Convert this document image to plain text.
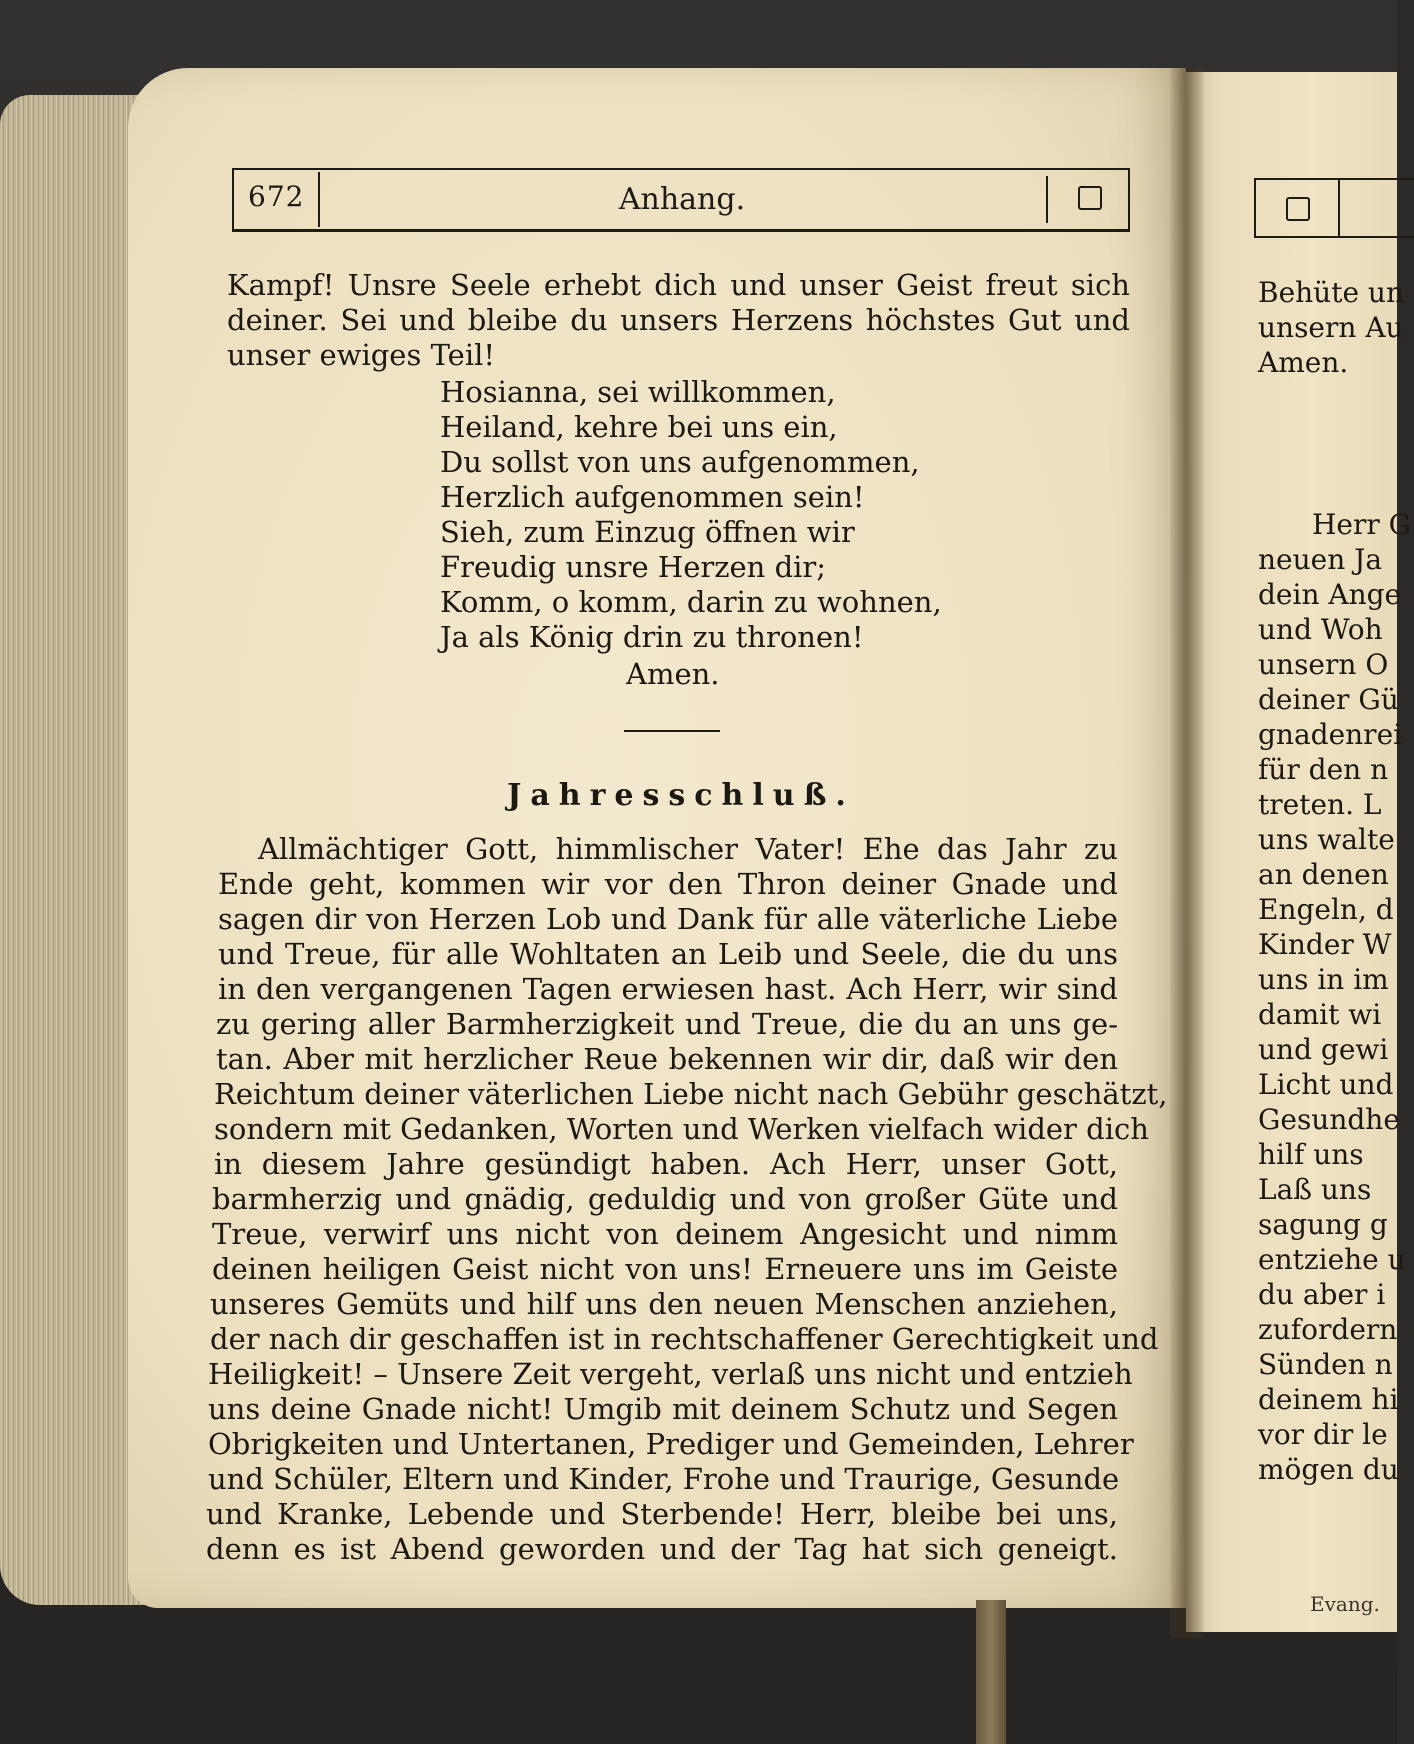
672	Anhang.
Kampf! Unsre Seele erhebt dich und unser Geist freut sich
deiner. Sei und bleibe du unsers Herzens höchstes Gut und
unser ewiges Teil!
Hosianna, sei willkommen,
Heiland, kehre bei uns ein,
Du sollst von uns aufgenommen,
Herzlich aufgenommen sein!
Sieh, zum Einzug öffnen wir
Freudig unsre Herzen dir;
Komm, o komm, darin zu wohnen,
Ja als König drin zu thronen!
Amen.
Jahresschluß.
Allmächtiger Gott, himmlischer Vater! Ehe das Jahr zu
Ende geht, kommen wir vor den Thron deiner Gnade und
sagen dir von Herzen Lob und Dank für alle väterliche Liebe
und Treue, für alle Wohltaten an Leib und Seele, die du uns
in den vergangenen Tagen erwiesen hast. Ach Herr, wir sind
zu gering aller Barmherzigkeit und Treue, die du an uns ge-
tan. Aber mit herzlicher Reue bekennen wir dir, daß wir den
Reichtum deiner väterlichen Liebe nicht nach Gebühr geschätzt,
sondern mit Gedanken, Worten und Werken vielfach wider dich
in diesem Jahre gesündigt haben. Ach Herr, unser Gott,
barmherzig und gnädig, geduldig und von großer Güte und
Treue, verwirf uns nicht von deinem Angesicht und nimm
deinen heiligen Geist nicht von uns! Erneuere uns im Geiste
unseres Gemüts und hilf uns den neuen Menschen anziehen,
der nach dir geschaffen ist in rechtschaffener Gerechtigkeit und
Heiligkeit! – Unsere Zeit vergeht, verlaß uns nicht und entzieh
uns deine Gnade nicht! Umgib mit deinem Schutz und Segen
Obrigkeiten und Untertanen, Prediger und Gemeinden, Lehrer
und Schüler, Eltern und Kinder, Frohe und Traurige, Gesunde
und Kranke, Lebende und Sterbende! Herr, bleibe bei uns,
denn es ist Abend geworden und der Tag hat sich geneigt.
Behüte un
unsern Au
Amen.
Herr G
neuen Ja
dein Ange
und Woh
unsern O
deiner Gü
gnadenrei
für den n
treten. L
uns walte
an denen
Engeln, d
Kinder W
uns in im
damit wi
und gewi
Licht und
Gesundhe
hilf uns
Laß uns
sagung g
entziehe u
du aber i
zufordern
Sünden n
deinem hi
vor dir le
mögen du
Evang.
